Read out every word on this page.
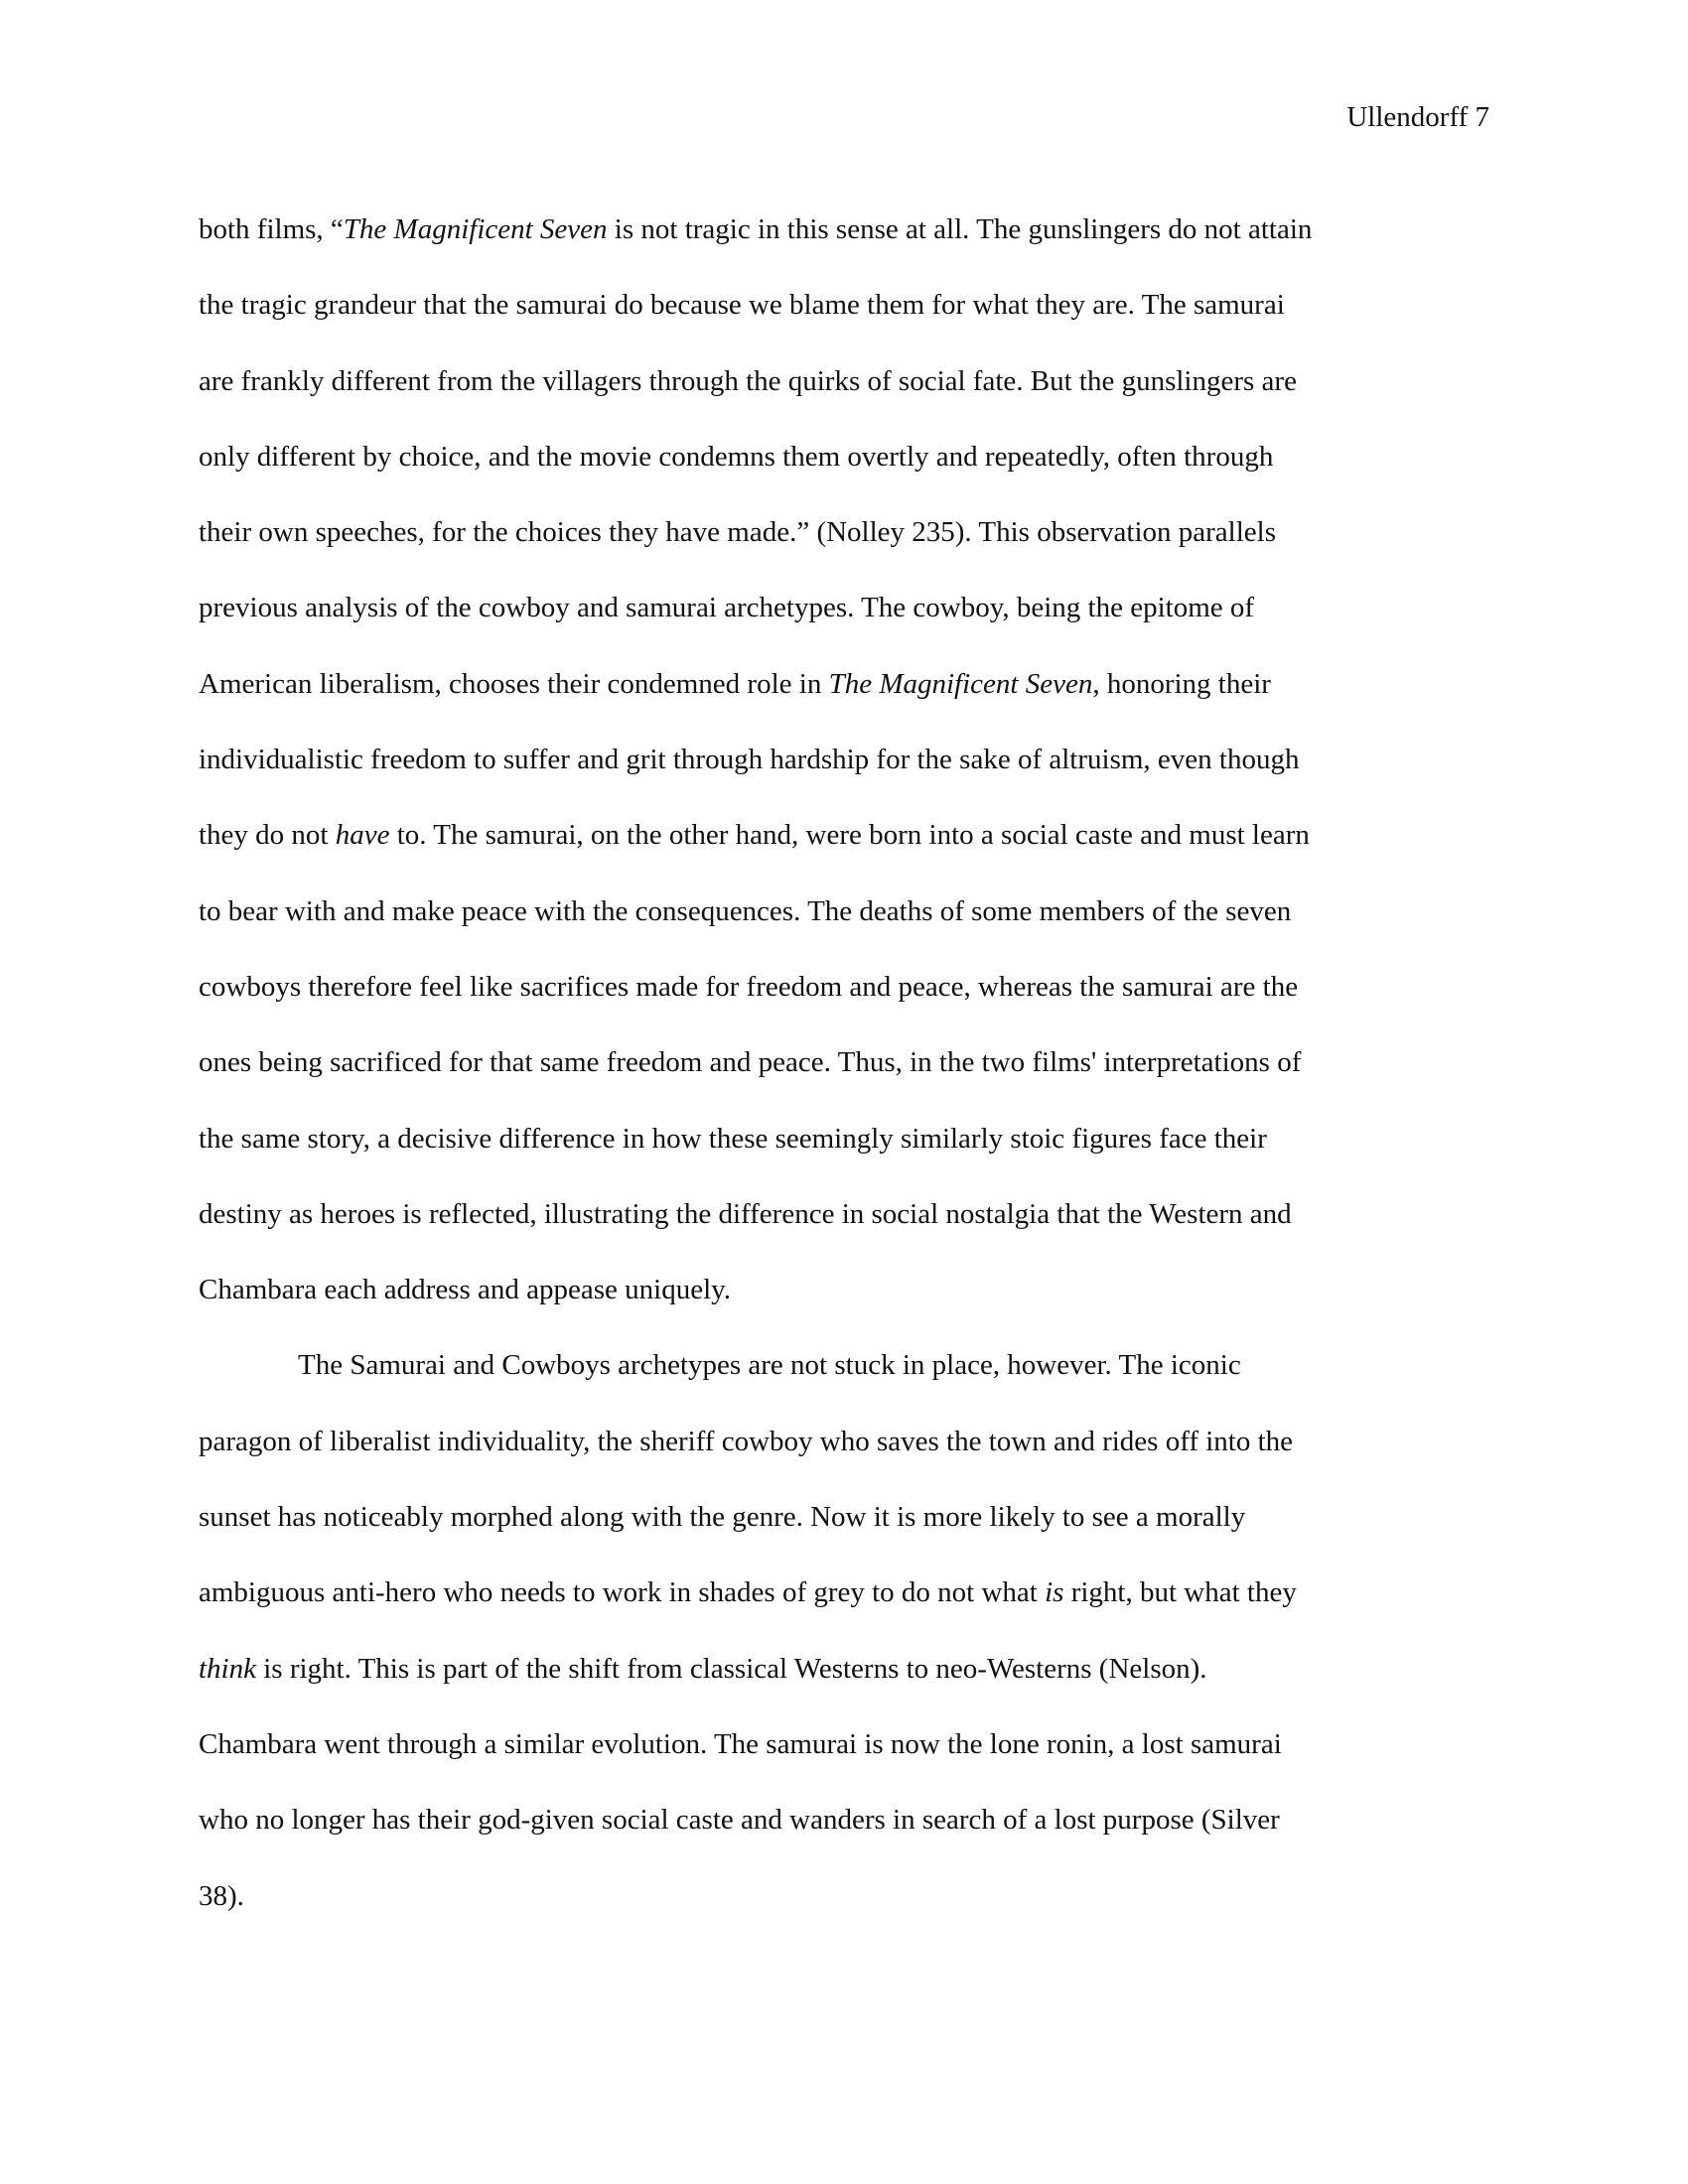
Ullendorff 7
both films, “The Magnificent Seven is not tragic in this sense at all. The gunslingers do not attain
the tragic grandeur that the samurai do because we blame them for what they are. The samurai
are frankly different from the villagers through the quirks of social fate. But the gunslingers are
only different by choice, and the movie condemns them overtly and repeatedly, often through
their own speeches, for the choices they have made.” (Nolley 235). This observation parallels
previous analysis of the cowboy and samurai archetypes. The cowboy, being the epitome of
American liberalism, chooses their condemned role in The Magnificent Seven, honoring their
individualistic freedom to suffer and grit through hardship for the sake of altruism, even though
they do not have to. The samurai, on the other hand, were born into a social caste and must learn
to bear with and make peace with the consequences. The deaths of some members of the seven
cowboys therefore feel like sacrifices made for freedom and peace, whereas the samurai are the
ones being sacrificed for that same freedom and peace. Thus, in the two films' interpretations of
the same story, a decisive difference in how these seemingly similarly stoic figures face their
destiny as heroes is reflected, illustrating the difference in social nostalgia that the Western and
Chambara each address and appease uniquely.
The Samurai and Cowboys archetypes are not stuck in place, however. The iconic
paragon of liberalist individuality, the sheriff cowboy who saves the town and rides off into the
sunset has noticeably morphed along with the genre. Now it is more likely to see a morally
ambiguous anti-hero who needs to work in shades of grey to do not what is right, but what they
think is right. This is part of the shift from classical Westerns to neo-Westerns (Nelson).
Chambara went through a similar evolution. The samurai is now the lone ronin, a lost samurai
who no longer has their god-given social caste and wanders in search of a lost purpose (Silver
38).
